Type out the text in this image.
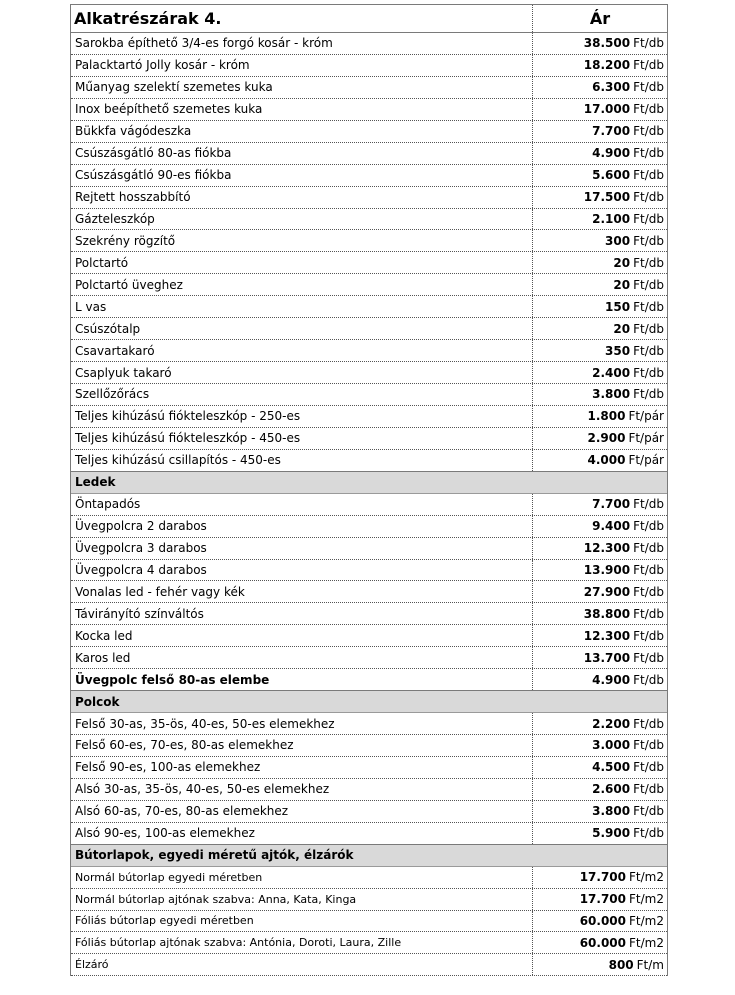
Alkatrészárak 4.	Ár
Sarokba építhető 3/4-es forgó kosár - króm	38.500 Ft/db
Palacktartó Jolly kosár - króm	18.200 Ft/db
Műanyag szelektí szemetes kuka	6.300 Ft/db
Inox beépíthető szemetes kuka	17.000 Ft/db
Bükkfa vágódeszka	7.700 Ft/db
Csúszásgátló 80-as fiókba	4.900 Ft/db
Csúszásgátló 90-es fiókba	5.600 Ft/db
Rejtett hosszabbító	17.500 Ft/db
Gázteleszkóp	2.100 Ft/db
Szekrény rögzítő	300 Ft/db
Polctartó	20 Ft/db
Polctartó üveghez	20 Ft/db
L vas	150 Ft/db
Csúszótalp	20 Ft/db
Csavartakaró	350 Ft/db
Csaplyuk takaró	2.400 Ft/db
Szellőzőrács	3.800 Ft/db
Teljes kihúzású fiókteleszkóp - 250-es	1.800 Ft/pár
Teljes kihúzású fiókteleszkóp - 450-es	2.900 Ft/pár
Teljes kihúzású csillapítós - 450-es	4.000 Ft/pár
Ledek
Öntapadós	7.700 Ft/db
Üvegpolcra 2 darabos	9.400 Ft/db
Üvegpolcra 3 darabos	12.300 Ft/db
Üvegpolcra 4 darabos	13.900 Ft/db
Vonalas led - fehér vagy kék	27.900 Ft/db
Távirányító színváltós	38.800 Ft/db
Kocka led	12.300 Ft/db
Karos led	13.700 Ft/db
Üvegpolc felső 80-as elembe	4.900 Ft/db
Polcok
Felső 30-as, 35-ös, 40-es, 50-es elemekhez	2.200 Ft/db
Felső 60-es, 70-es, 80-as elemekhez	3.000 Ft/db
Felső 90-es, 100-as elemekhez	4.500 Ft/db
Alsó 30-as, 35-ös, 40-es, 50-es elemekhez	2.600 Ft/db
Alsó 60-as, 70-es, 80-as elemekhez	3.800 Ft/db
Alsó 90-es, 100-as elemekhez	5.900 Ft/db
Bútorlapok, egyedi méretű ajtók, élzárók
Normál bútorlap egyedi méretben	17.700 Ft/m2
Normál bútorlap ajtónak szabva: Anna, Kata, Kinga	17.700 Ft/m2
Fóliás bútorlap egyedi méretben	60.000 Ft/m2
Fóliás bútorlap ajtónak szabva: Antónia, Doroti, Laura, Zille	60.000 Ft/m2
Élzáró	800 Ft/m
